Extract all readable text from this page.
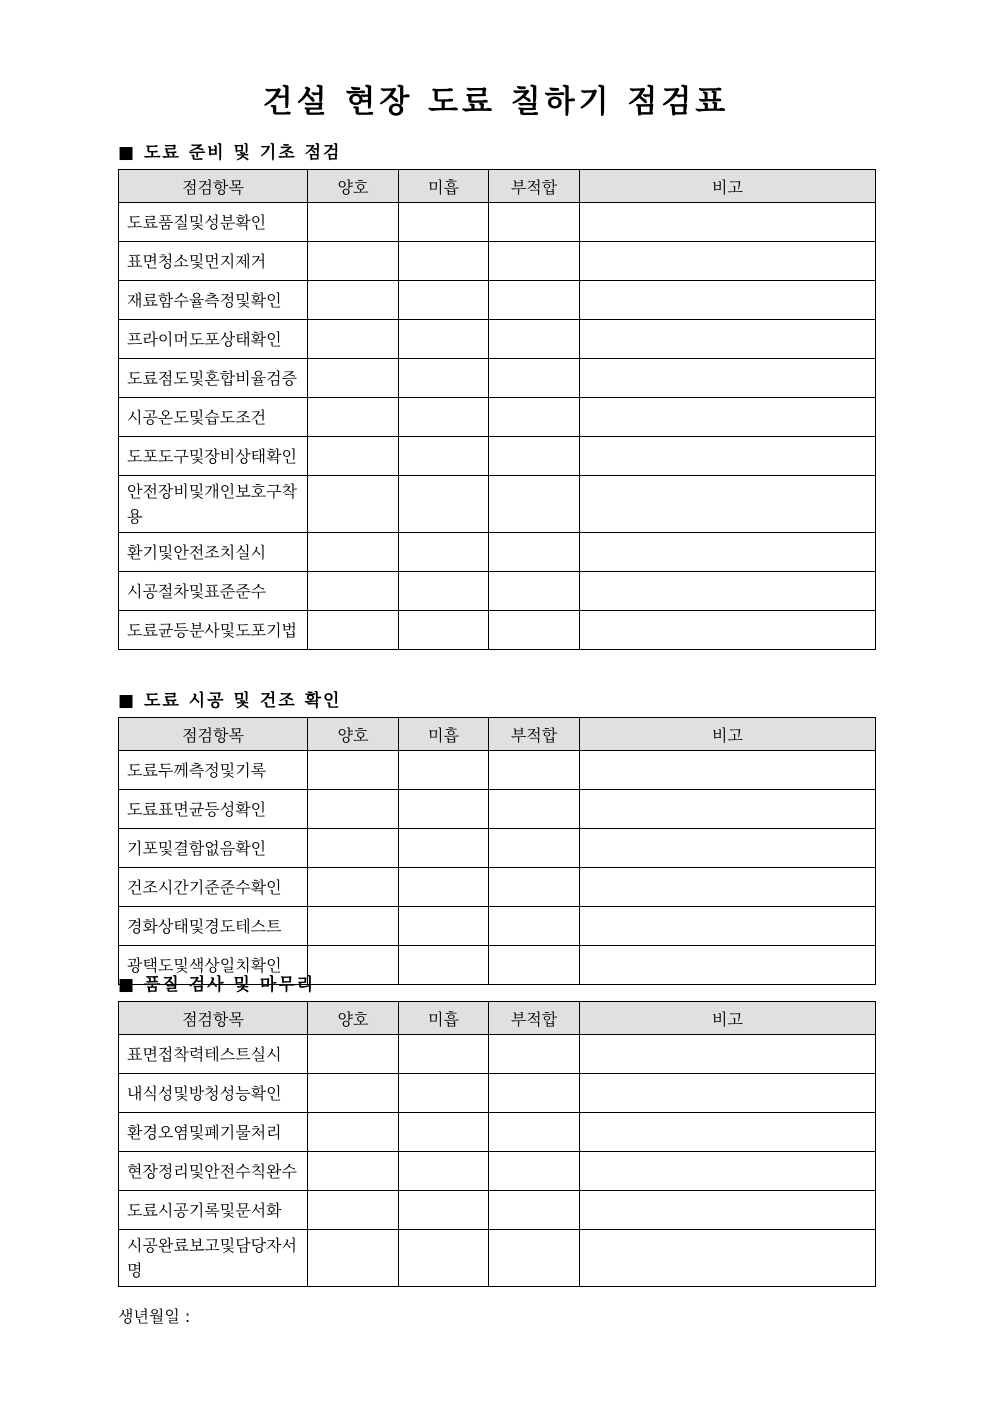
건설 현장 도료 칠하기 점검표
■ 도료 준비 및 기초 점검
점검항목	양호	미흡	부적합	비고
도료품질및성분확인				
표면청소및먼지제거				
재료함수율측정및확인				
프라이머도포상태확인				
도료점도및혼합비율검증				
시공온도및습도조건				
도포도구및장비상태확인				
안전장비및개인보호구착용				
환기및안전조치실시				
시공절차및표준준수				
도료균등분사및도포기법				
■ 도료 시공 및 건조 확인
점검항목	양호	미흡	부적합	비고
도료두께측정및기록				
도료표면균등성확인				
기포및결함없음확인				
건조시간기준준수확인				
경화상태및경도테스트				
광택도및색상일치확인				
■ 품질 검사 및 마무리
점검항목	양호	미흡	부적합	비고
표면접착력테스트실시				
내식성및방청성능확인				
환경오염및폐기물처리				
현장정리및안전수칙완수				
도료시공기록및문서화				
시공완료보고및담당자서명				

생년월일 :
